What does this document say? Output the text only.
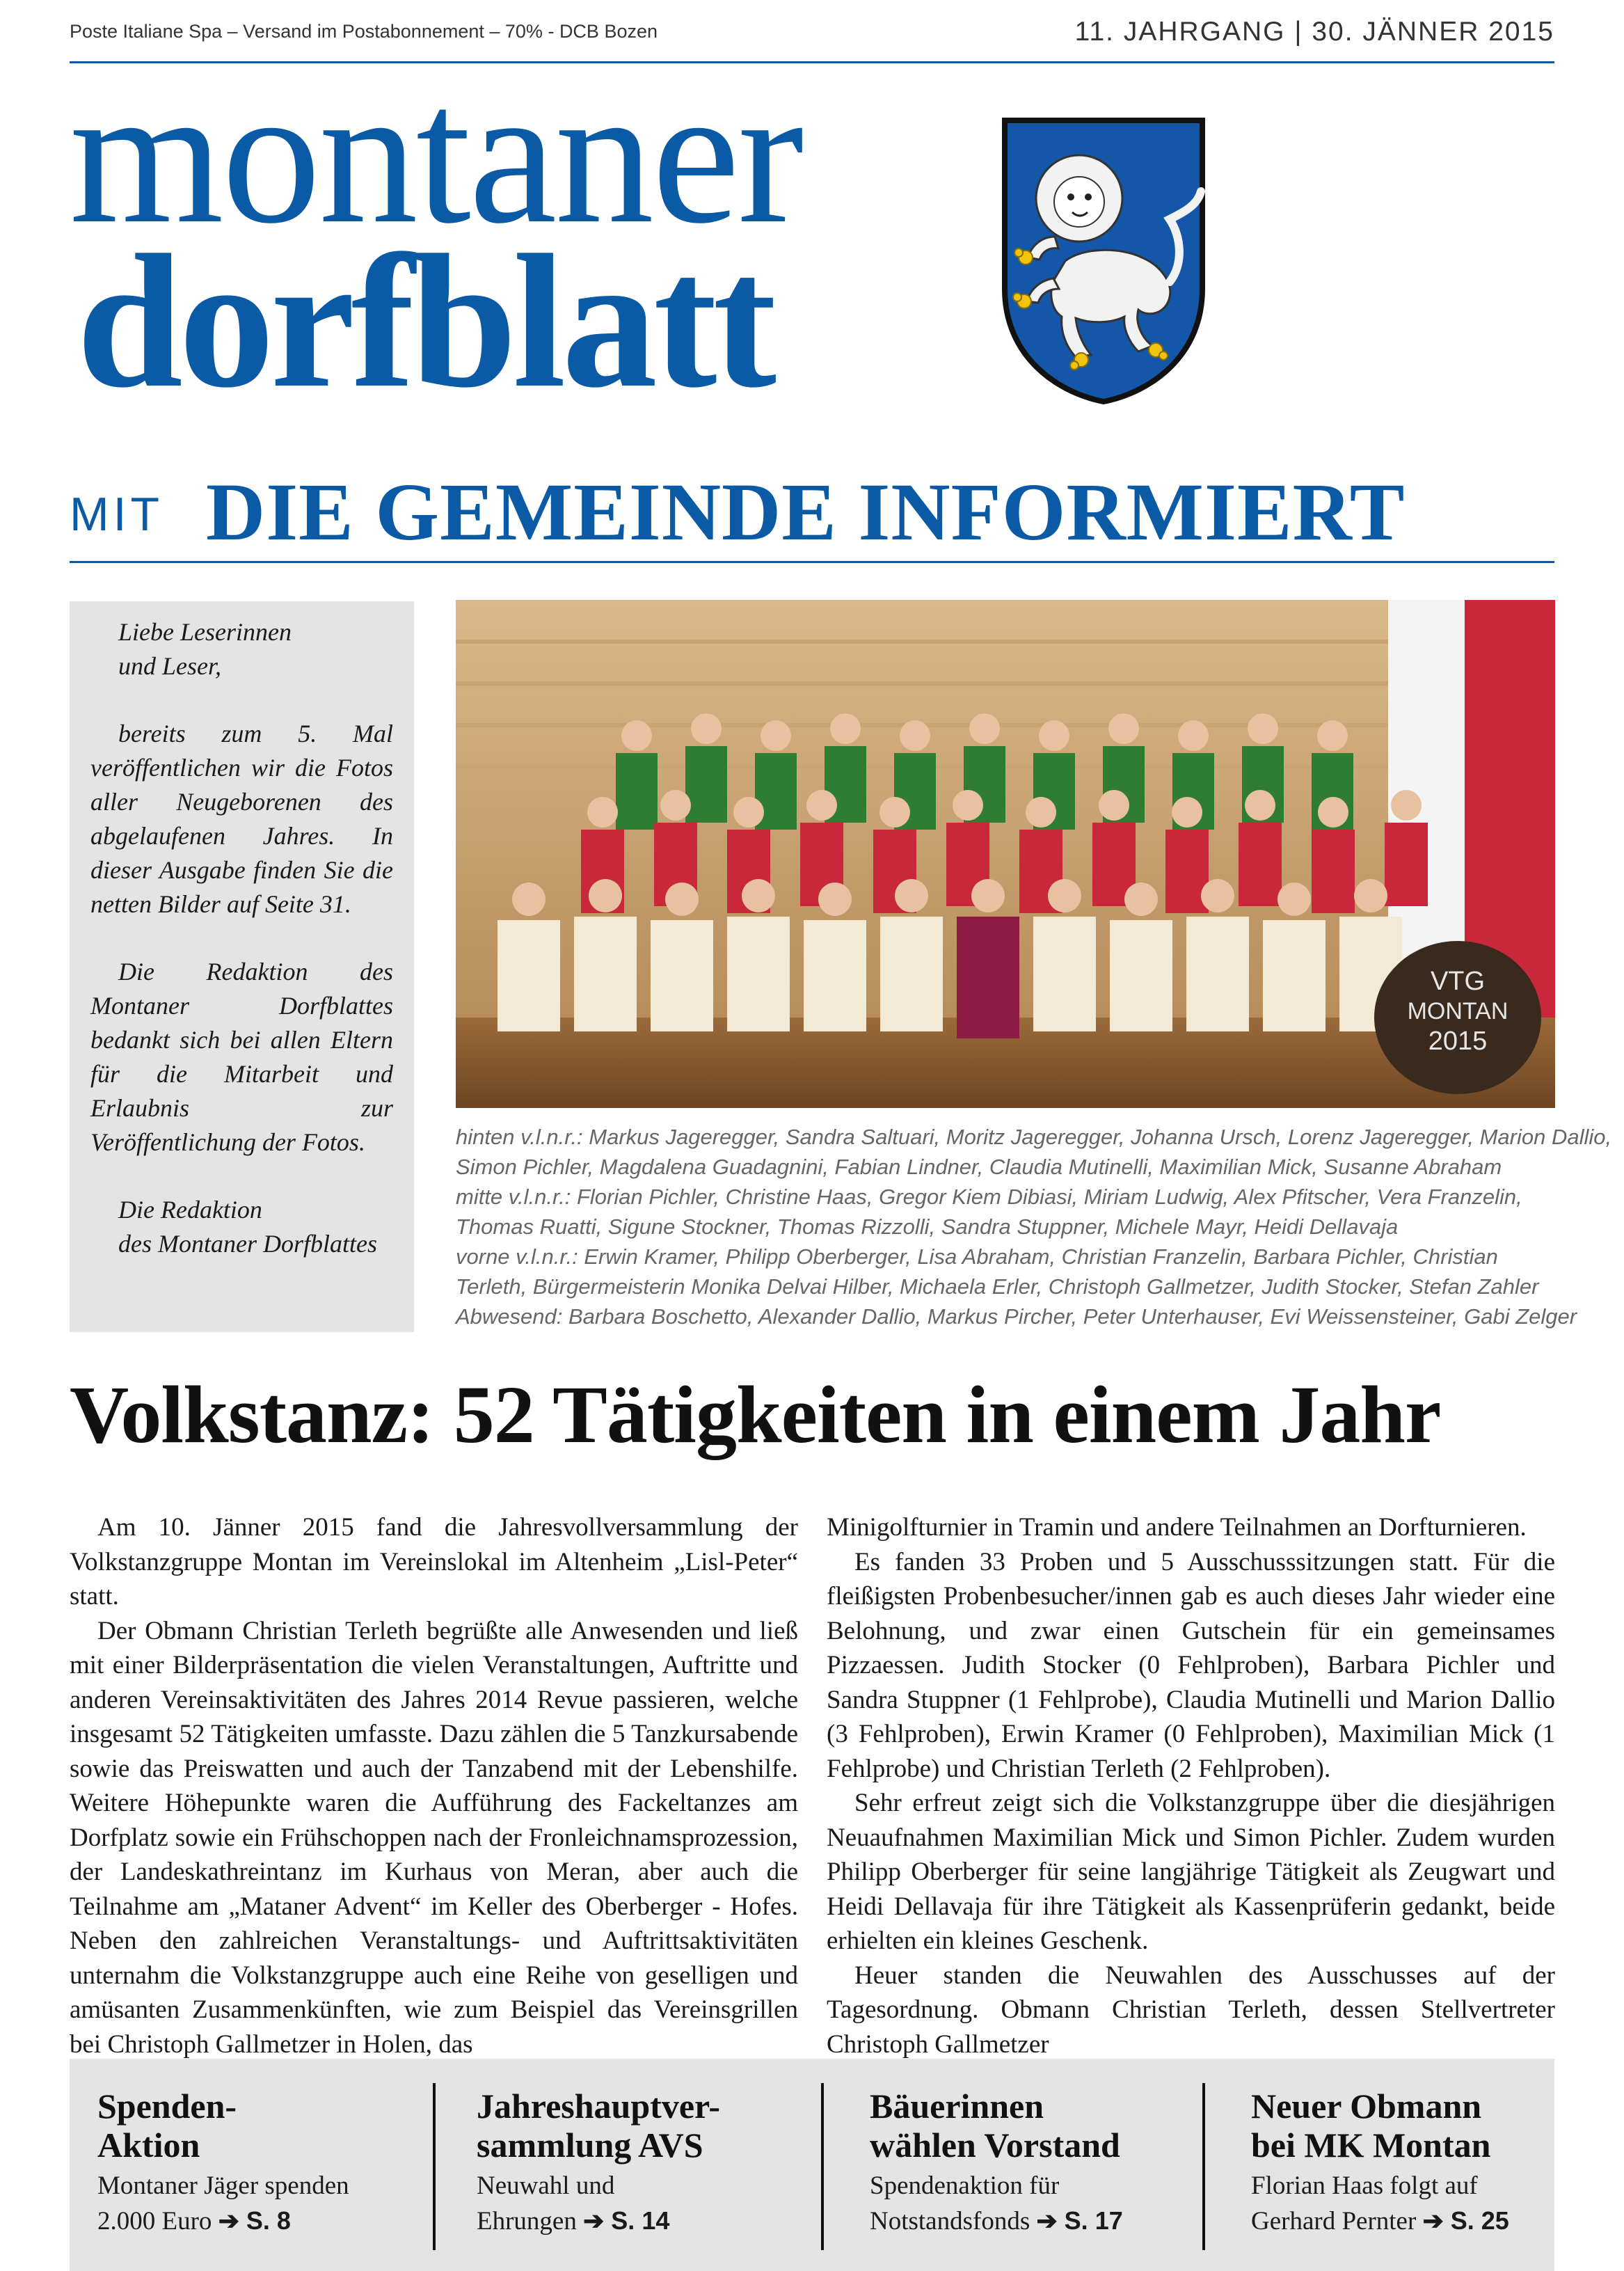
Poste Italiane Spa – Versand im Postabonnement – 70% - DCB Bozen	11. JAHRGANG | 30. JÄNNER 2015
montaner
dorfblatt
MIT DIE GEMEINDE INFORMIERT

Liebe Leserinnen

und Leser,

bereits zum 5. Mal veröffentlichen wir die Fotos aller Neugeborenen des abgelaufenen Jahres. In dieser Ausgabe finden Sie die netten Bilder auf Seite 31.

Die Redaktion des Montaner Dorfblattes bedankt sich bei allen Eltern für die Mitarbeit und Erlaubnis zur Veröffentlichung der Fotos.

Die Redaktion

des Montaner Dorfblattes

VTG
MONTAN
2015
hinten v.l.n.r.: Markus Jageregger, Sandra Saltuari, Moritz Jageregger, Johanna Ursch, Lorenz Jageregger, Marion Dallio,
Simon Pichler, Magdalena Guadagnini, Fabian Lindner, Claudia Mutinelli, Maximilian Mick, Susanne Abraham
mitte v.l.n.r.: Florian Pichler, Christine Haas, Gregor Kiem Dibiasi, Miriam Ludwig, Alex Pfitscher, Vera Franzelin,
Thomas Ruatti, Sigune Stockner, Thomas Rizzolli, Sandra Stuppner, Michele Mayr, Heidi Dellavaja
vorne v.l.n.r.: Erwin Kramer, Philipp Oberberger, Lisa Abraham, Christian Franzelin, Barbara Pichler, Christian
Terleth, Bürgermeisterin Monika Delvai Hilber, Michaela Erler, Christoph Gallmetzer, Judith Stocker, Stefan Zahler
Abwesend: Barbara Boschetto, Alexander Dallio, Markus Pircher, Peter Unterhauser, Evi Weissensteiner, Gabi Zelger
Volkstanz: 52 Tätigkeiten in einem Jahr

Am 10. Jänner 2015 fand die Jahresvollversammlung der Volkstanzgruppe Montan im Vereinslokal im Altenheim „Lisl-Peter“ statt.

Der Obmann Christian Terleth begrüßte alle Anwesenden und ließ mit einer Bilderpräsentation die vielen Veranstaltungen, Auftritte und anderen Vereinsaktivitäten des Jahres 2014 Revue passieren, welche insgesamt 52 Tätigkeiten umfasste. Dazu zählen die 5 Tanzkursabende sowie das Preiswatten und auch der Tanzabend mit der Lebenshilfe. Weitere Höhepunkte waren die Aufführung des Fackeltanzes am Dorfplatz sowie ein Frühschoppen nach der Fronleichnamsprozession, der Landeskathreintanz im Kurhaus von Meran, aber auch die Teilnahme am „Mataner Advent“ im Keller des Oberberger - Hofes. Neben den zahlreichen Veranstaltungs- und Auftrittsaktivitäten unternahm die Volkstanzgruppe auch eine Reihe von geselligen und amüsanten Zusammenkünften, wie zum Beispiel das Vereinsgrillen bei Christoph Gallmetzer in Holen, das

Minigolfturnier in Tramin und andere Teilnahmen an Dorfturnieren.

Es fanden 33 Proben und 5 Ausschusssitzungen statt. Für die fleißigsten Probenbesucher/innen gab es auch dieses Jahr wieder eine Belohnung, und zwar einen Gutschein für ein gemeinsames Pizzaessen. Judith Stocker (0 Fehlproben), Barbara Pichler und Sandra Stuppner (1 Fehlprobe), Claudia Mutinelli und Marion Dallio (3 Fehlproben), Erwin Kramer (0 Fehlproben), Maximilian Mick (1 Fehlprobe) und Christian Terleth (2 Fehlproben).

Sehr erfreut zeigt sich die Volkstanzgruppe über die diesjährigen Neuaufnahmen Maximilian Mick und Simon Pichler. Zudem wurden Philipp Oberberger für seine langjährige Tätigkeit als Zeugwart und Heidi Dellavaja für ihre Tätigkeit als Kassenprüferin gedankt, beide erhielten ein kleines Geschenk.

Heuer standen die Neuwahlen des Ausschusses auf der Tagesordnung. Obmann Christian Terleth, dessen Stellvertreter Christoph Gallmetzer

Spenden-
Aktion
Montaner Jäger spenden
2.000 Euro ➔ S. 8
Jahreshauptver-
sammlung AVS
Neuwahl und
Ehrungen ➔ S. 14
Bäuerinnen
wählen Vorstand
Spendenaktion für
Notstandsfonds ➔ S. 17
Neuer Obmann
bei MK Montan
Florian Haas folgt auf
Gerhard Pernter ➔ S. 25
